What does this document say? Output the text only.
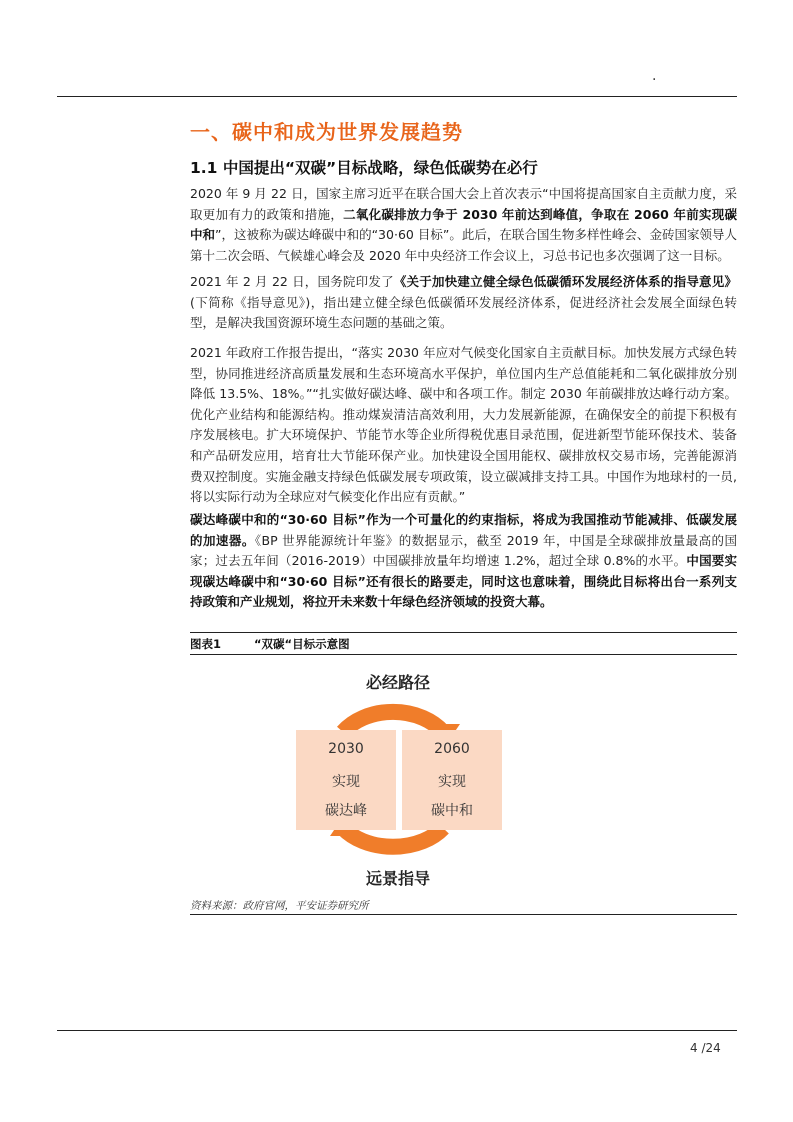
.
一、碳中和成为世界发展趋势
1.1 中国提出“双碳”目标战略，绿色低碳势在必行
2020 年 9 月 22 日，国家主席习近平在联合国大会上首次表示“中国将提高国家自主贡献力度，采取更加有力的政策和措施，二氧化碳排放力争于 2030 年前达到峰值，争取在 2060 年前实现碳中和”，这被称为碳达峰碳中和的“30·60 目标”。此后，在联合国生物多样性峰会、金砖国家领导人第十二次会晤、气候雄心峰会及 2020 年中央经济工作会议上，习总书记也多次强调了这一目标。
2021 年 2 月 22 日，国务院印发了《关于加快建立健全绿色低碳循环发展经济体系的指导意见》(下简称《指导意见》)，指出建立健全绿色低碳循环发展经济体系，促进经济社会发展全面绿色转型，是解决我国资源环境生态问题的基础之策。
2021 年政府工作报告提出，“落实 2030 年应对气候变化国家自主贡献目标。加快发展方式绿色转型，协同推进经济高质量发展和生态环境高水平保护，单位国内生产总值能耗和二氧化碳排放分别降低 13.5%、18%。”“扎实做好碳达峰、碳中和各项工作。制定 2030 年前碳排放达峰行动方案。优化产业结构和能源结构。推动煤炭清洁高效利用，大力发展新能源，在确保安全的前提下积极有序发展核电。扩大环境保护、节能节水等企业所得税优惠目录范围，促进新型节能环保技术、装备和产品研发应用，培育壮大节能环保产业。加快建设全国用能权、碳排放权交易市场，完善能源消费双控制度。实施金融支持绿色低碳发展专项政策，设立碳减排支持工具。中国作为地球村的一员,将以实际行动为全球应对气候变化作出应有贡献。”
碳达峰碳中和的“30·60 目标”作为一个可量化的约束指标，将成为我国推动节能减排、低碳发展的加速器。《BP 世界能源统计年鉴》的数据显示，截至 2019 年，中国是全球碳排放量最高的国家；过去五年间（2016-2019）中国碳排放量年均增速 1.2%，超过全球 0.8%的水平。中国要实现碳达峰碳中和“30·60 目标”还有很长的路要走，同时这也意味着，围绕此目标将出台一系列支持政策和产业规划，将拉开未来数十年绿色经济领域的投资大幕。
图表1	“双碳“目标示意图
必经路径
远景指导
2030
实现
碳达峰
2060
实现
碳中和
资料来源：政府官网，平安证券研究所
4 /24
